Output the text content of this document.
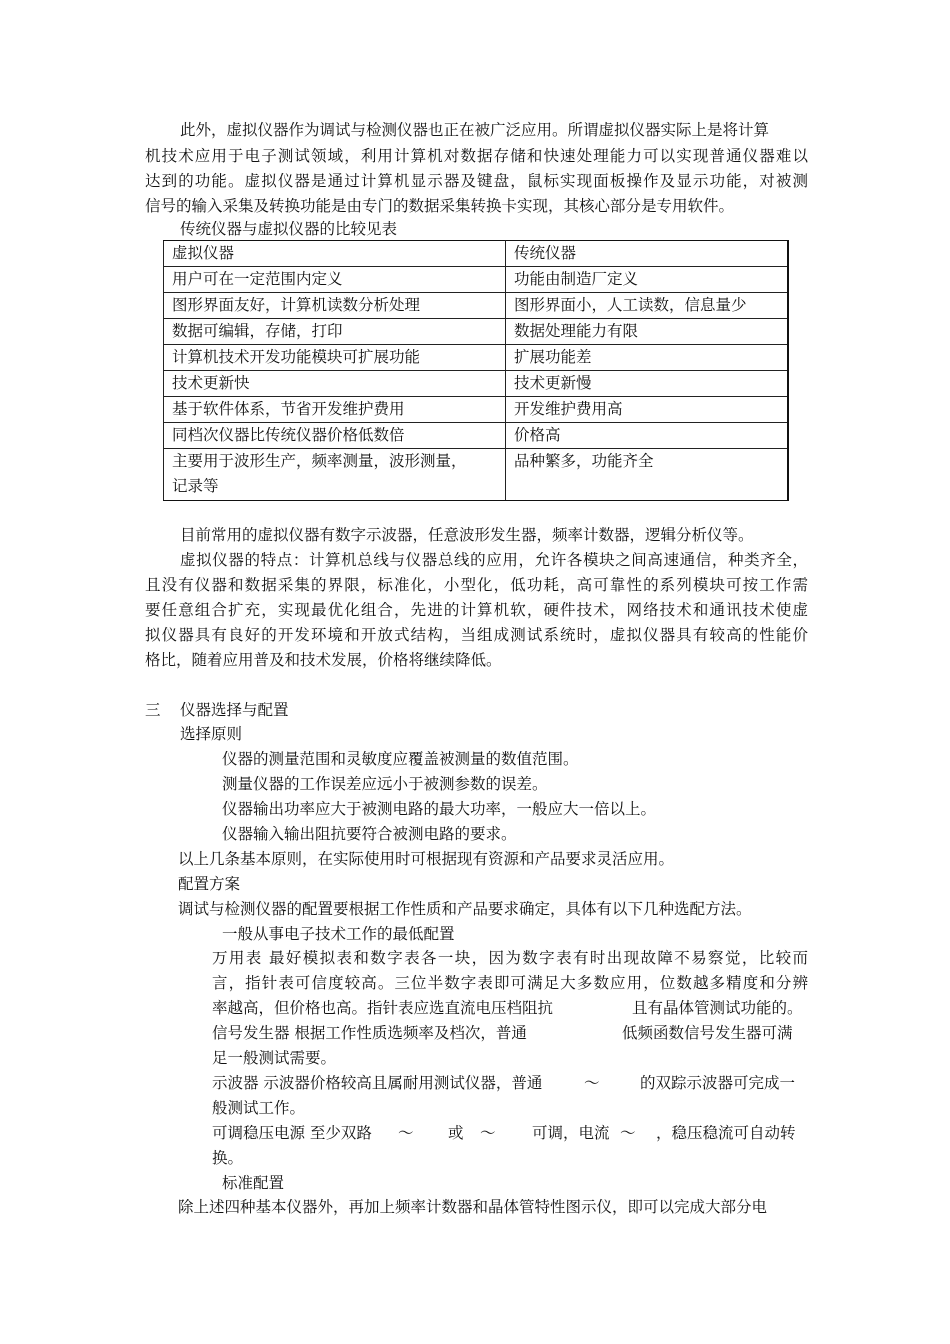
此外，虚拟仪器作为调试与检测仪器也正在被广泛应用。所谓虚拟仪器实际上是将计算
机技术应用于电子测试领域，利用计算机对数据存储和快速处理能力可以实现普通仪器难以
达到的功能。虚拟仪器是通过计算机显示器及键盘，鼠标实现面板操作及显示功能，对被测
信号的输入采集及转换功能是由专门的数据采集转换卡实现，其核心部分是专用软件。
传统仪器与虚拟仪器的比较见表
虚拟仪器	传统仪器
用户可在一定范围内定义	功能由制造厂定义
图形界面友好，计算机读数分析处理	图形界面小，人工读数，信息量少
数据可编辑，存储，打印	数据处理能力有限
计算机技术开发功能模块可扩展功能	扩展功能差
技术更新快	技术更新慢
基于软件体系，节省开发维护费用	开发维护费用高
同档次仪器比传统仪器价格低数倍	价格高

主要用于波形生产，频率测量，波形测量，
记录等	品种繁多，功能齐全
目前常用的虚拟仪器有数字示波器，任意波形发生器，频率计数器，逻辑分析仪等。
虚拟仪器的特点：计算机总线与仪器总线的应用，允许各模块之间高速通信，种类齐全，
且没有仪器和数据采集的界限，标准化，小型化，低功耗，高可靠性的系列模块可按工作需
要任意组合扩充，实现最优化组合，先进的计算机软，硬件技术，网络技术和通讯技术使虚
拟仪器具有良好的开发环境和开放式结构，当组成测试系统时，虚拟仪器具有较高的性能价
格比，随着应用普及和技术发展，价格将继续降低。
三 仪器选择与配置
选择原则
仪器的测量范围和灵敏度应覆盖被测量的数值范围。
测量仪器的工作误差应远小于被测参数的误差。
仪器输出功率应大于被测电路的最大功率，一般应大一倍以上。
仪器输入输出阻抗要符合被测电路的要求。
以上几条基本原则，在实际使用时可根据现有资源和产品要求灵活应用。
配置方案
调试与检测仪器的配置要根据工作性质和产品要求确定，具体有以下几种选配方法。
一般从事电子技术工作的最低配置
万用表 最好模拟表和数字表各一块，因为数字表有时出现故障不易察觉，比较而
言，指针表可信度较高。三位半数字表即可满足大多数应用，位数越多精度和分辨
率越高，但价格也高。指针表应选直流电压档阻抗	且有晶体管测试功能的。
信号发生器 根据工作性质选频率及档次，普通	低频函数信号发生器可满
足一般测试需要。
示波器 示波器价格较高且属耐用测试仪器，普通	～	的双踪示波器可完成一
般测试工作。
可调稳压电源 至少双路 ～ 或 ～ 可调，电流 ～ ，稳压稳流可自动转
换。
标准配置
除上述四种基本仪器外，再加上频率计数器和晶体管特性图示仪，即可以完成大部分电
